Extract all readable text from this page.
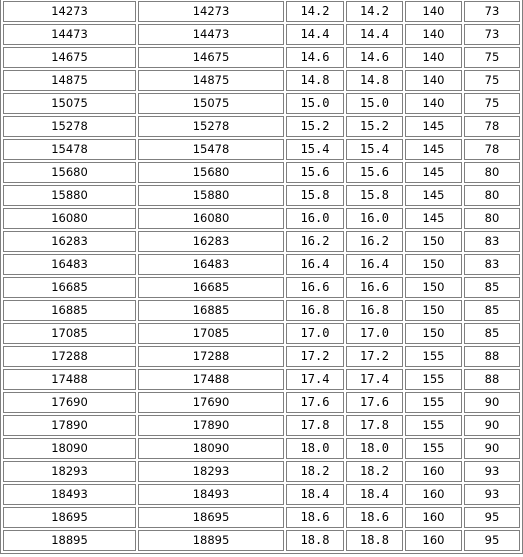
14273	14273	14.2	14.2	140	73
14473	14473	14.4	14.4	140	73
14675	14675	14.6	14.6	140	75
14875	14875	14.8	14.8	140	75
15075	15075	15.0	15.0	140	75
15278	15278	15.2	15.2	145	78
15478	15478	15.4	15.4	145	78
15680	15680	15.6	15.6	145	80
15880	15880	15.8	15.8	145	80
16080	16080	16.0	16.0	145	80
16283	16283	16.2	16.2	150	83
16483	16483	16.4	16.4	150	83
16685	16685	16.6	16.6	150	85
16885	16885	16.8	16.8	150	85
17085	17085	17.0	17.0	150	85
17288	17288	17.2	17.2	155	88
17488	17488	17.4	17.4	155	88
17690	17690	17.6	17.6	155	90
17890	17890	17.8	17.8	155	90
18090	18090	18.0	18.0	155	90
18293	18293	18.2	18.2	160	93
18493	18493	18.4	18.4	160	93
18695	18695	18.6	18.6	160	95
18895	18895	18.8	18.8	160	95
